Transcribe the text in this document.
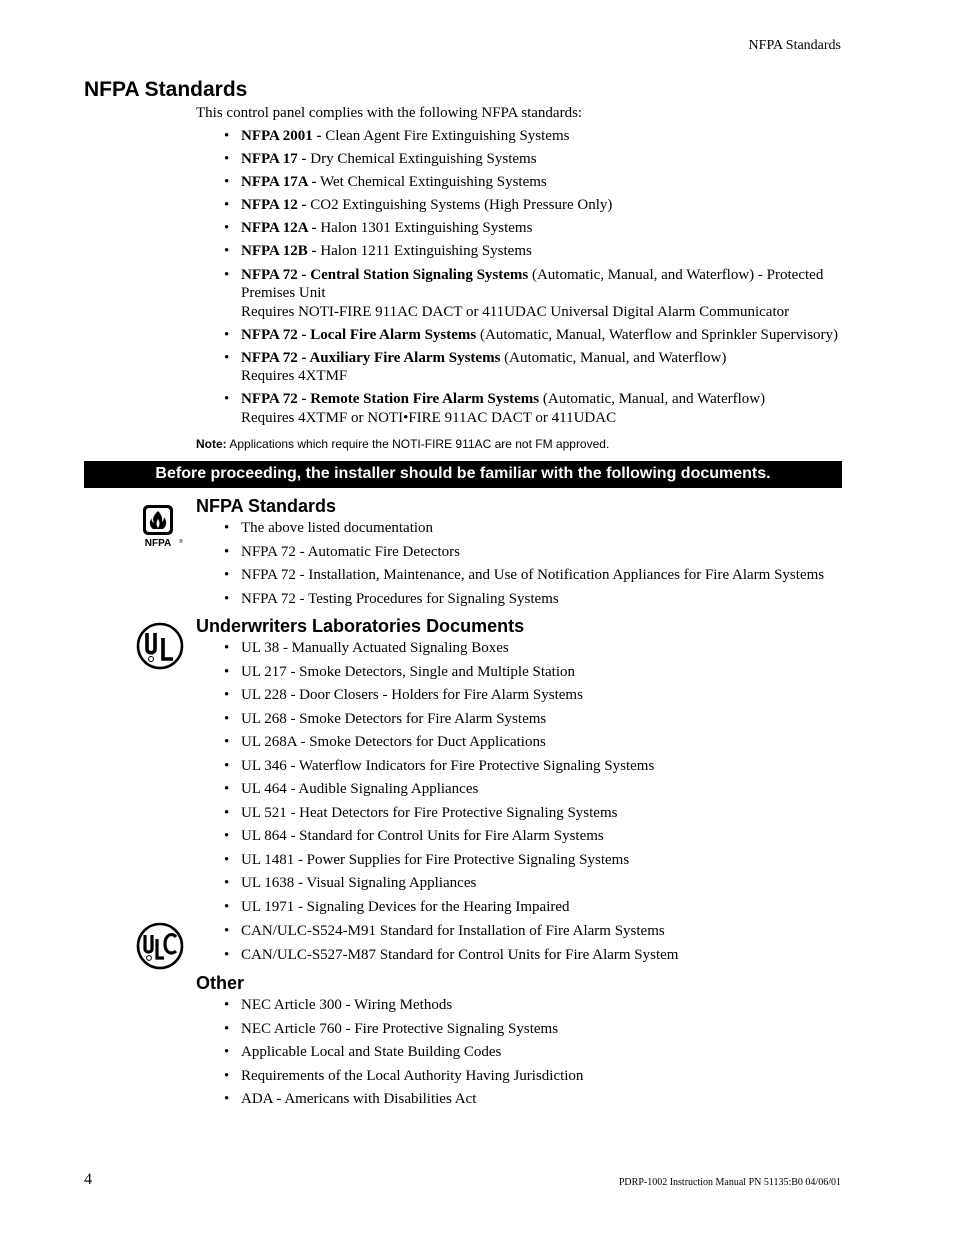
NFPA Standards
NFPA Standards
This control panel complies with the following NFPA standards:
• NFPA 2001 - Clean Agent Fire Extinguishing Systems
• NFPA 17 - Dry Chemical Extinguishing Systems
• NFPA 17A - Wet Chemical Extinguishing Systems
• NFPA 12 - CO2 Extinguishing Systems (High Pressure Only)
• NFPA 12A - Halon 1301 Extinguishing Systems
• NFPA 12B - Halon 1211 Extinguishing Systems
• NFPA 72 - Central Station Signaling Systems (Automatic, Manual, and Waterflow) - Protected Premises Unit
Requires NOTI-FIRE 911AC DACT or 411UDAC Universal Digital Alarm Communicator
• NFPA 72 - Local Fire Alarm Systems (Automatic, Manual, Waterflow and Sprinkler Supervisory)
• NFPA 72 - Auxiliary Fire Alarm Systems (Automatic, Manual, and Waterflow)
Requires 4XTMF
• NFPA 72 - Remote Station Fire Alarm Systems (Automatic, Manual, and Waterflow)
Requires 4XTMF or NOTI•FIRE 911AC DACT or 411UDAC
Note: Applications which require the NOTI-FIRE 911AC are not FM approved.
Before proceeding, the installer should be familiar with the following documents.
NFPA ®
NFPA Standards
• The above listed documentation
• NFPA 72 - Automatic Fire Detectors
• NFPA 72 - Installation, Maintenance, and Use of Notification Appliances for Fire Alarm Systems
• NFPA 72 - Testing Procedures for Signaling Systems
Underwriters Laboratories Documents
• UL 38 - Manually Actuated Signaling Boxes
• UL 217 - Smoke Detectors, Single and Multiple Station
• UL 228 - Door Closers - Holders for Fire Alarm Systems
• UL 268 - Smoke Detectors for Fire Alarm Systems
• UL 268A - Smoke Detectors for Duct Applications
• UL 346 - Waterflow Indicators for Fire Protective Signaling Systems
• UL 464 - Audible Signaling Appliances
• UL 521 - Heat Detectors for Fire Protective Signaling Systems
• UL 864 - Standard for Control Units for Fire Alarm Systems
• UL 1481 - Power Supplies for Fire Protective Signaling Systems
• UL 1638 - Visual Signaling Appliances
• UL 1971 - Signaling Devices for the Hearing Impaired
• CAN/ULC-S524-M91 Standard for Installation of Fire Alarm Systems
• CAN/ULC-S527-M87 Standard for Control Units for Fire Alarm System
Other
• NEC Article 300 - Wiring Methods
• NEC Article 760 - Fire Protective Signaling Systems
• Applicable Local and State Building Codes
• Requirements of the Local Authority Having Jurisdiction
• ADA - Americans with Disabilities Act
4	PDRP-1002 Instruction Manual PN 51135:B0 04/06/01
